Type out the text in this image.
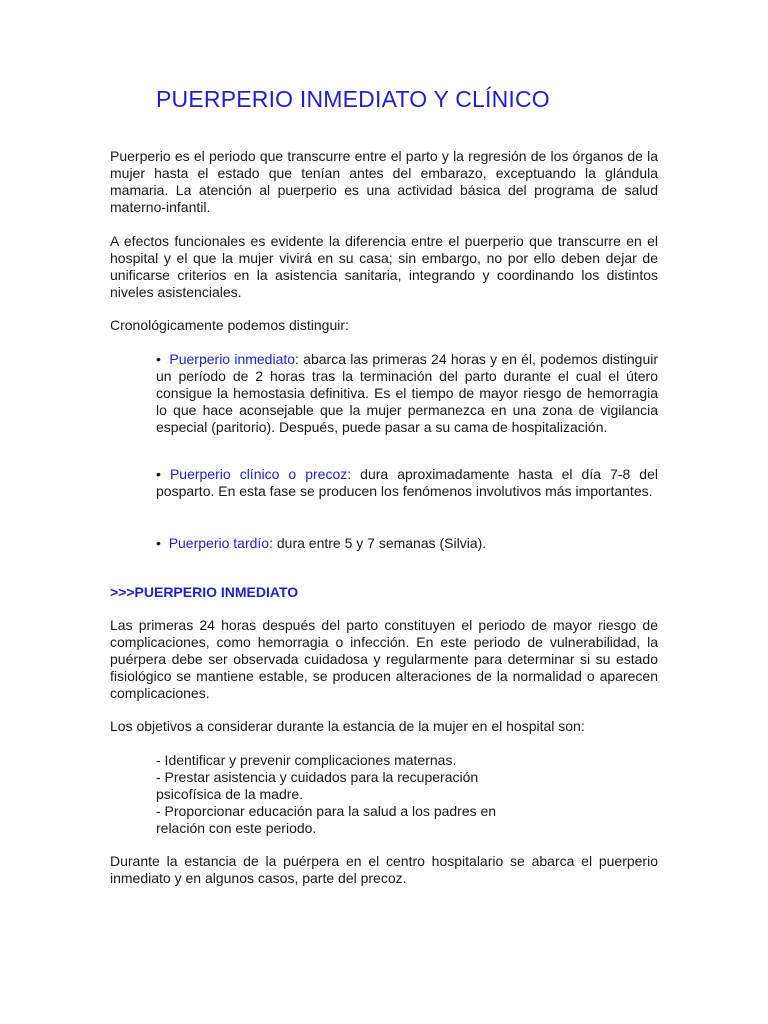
PUERPERIO INMEDIATO Y CLÍNICO

Puerperio es el periodo que transcurre entre el parto y la regresión de los órganos de la mujer hasta el estado que tenían antes del embarazo, exceptuando la glándula mamaria. La atención al puerperio es una actividad básica del programa de salud materno-infantil.

A efectos funcionales es evidente la diferencia entre el puerperio que transcurre en el hospital y el que la mujer vivirá en su casa; sin embargo, no por ello deben dejar de unificarse criterios en la asistencia sanitaria, integrando y coordinando los distintos niveles asistenciales.

Cronológicamente podemos distinguir:

• Puerperio inmediato: abarca las primeras 24 horas y en él, podemos distinguir un período de 2 horas tras la terminación del parto durante el cual el útero consigue la hemostasia definitiva. Es el tiempo de mayor riesgo de hemorragia lo que hace aconsejable que la mujer permanezca en una zona de vigilancia especial (paritorio). Después, puede pasar a su cama de hospitalización.

• Puerperio clínico o precoz: dura aproximadamente hasta el día 7-8 del posparto. En esta fase se producen los fenómenos involutivos más importantes.

• Puerperio tardío: dura entre 5 y 7 semanas (Silvia).

>>>PUERPERIO INMEDIATO

Las primeras 24 horas después del parto constituyen el periodo de mayor riesgo de complicaciones, como hemorragia o infección. En este periodo de vulnerabilidad, la puérpera debe ser observada cuidadosa y regularmente para determinar si su estado fisiológico se mantiene estable, se producen alteraciones de la normalidad o aparecen complicaciones.

Los objetivos a considerar durante la estancia de la mujer en el hospital son:

- Identificar y prevenir complicaciones maternas.
- Prestar asistencia y cuidados para la recuperación
psicofísica de la madre.
- Proporcionar educación para la salud a los padres en
relación con este periodo.

Durante la estancia de la puérpera en el centro hospitalario se abarca el puerperio inmediato y en algunos casos, parte del precoz.
